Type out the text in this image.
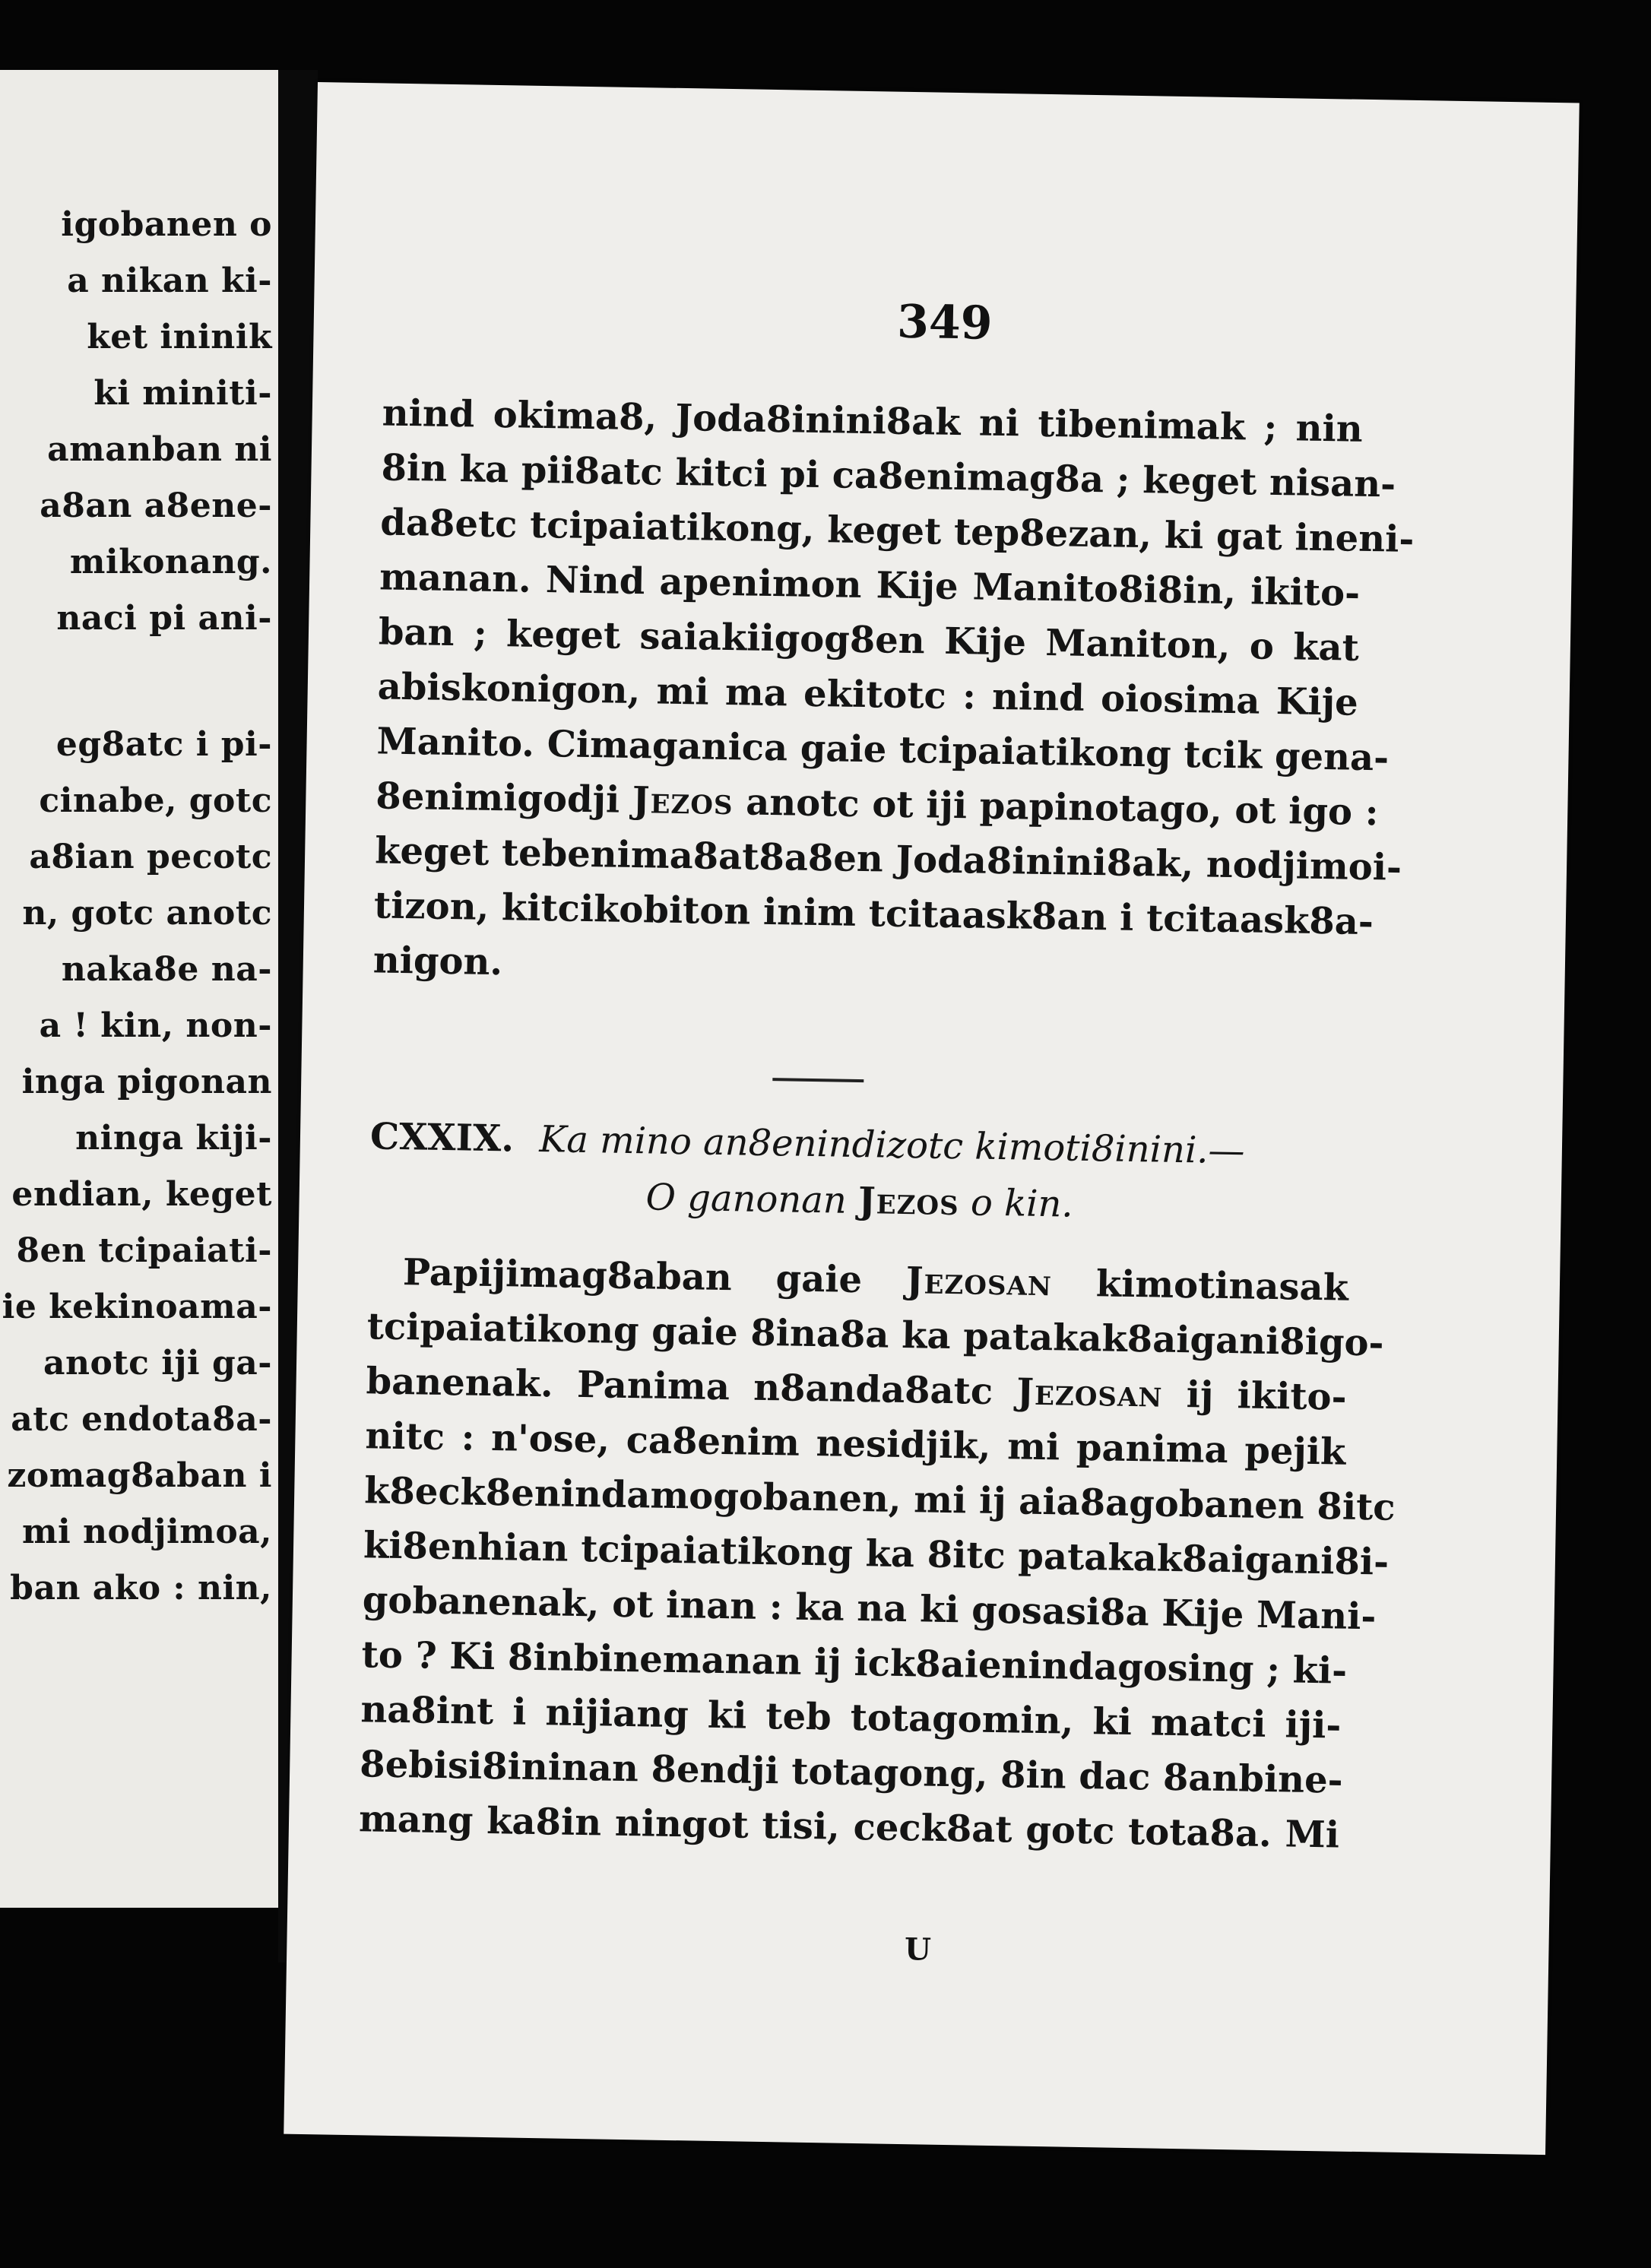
igobanen o
a nikan ki-
ket ininik
ki miniti-
amanban ni
a8an a8ene-
mikonang.
naci pi ani-
eg8atc i pi-
cinabe, gotc
a8ian pecotc
n, gotc anotc
naka8e na-
a ! kin, non-
inga pigonan
ninga kiji-
endian, keget
8en tcipaiati-
ie kekinoama-
anotc iji ga-
atc endota8a-
zomag8aban i
mi nodjimoa,
ban ako : nin,
349
nind okima8, Joda8inini8ak ni tibenimak ; nin
8in ka pii8atc kitci pi ca8enimag8a ; keget nisan-
da8etc tcipaiatikong, keget tep8ezan, ki gat ineni-
manan. Nind apenimon Kije Manito8i8in, ikito-
ban ; keget saiakiigog8en Kije Maniton, o kat
abiskonigon, mi ma ekitotc : nind oiosima Kije
Manito. Cimaganica gaie tcipaiatikong tcik gena-
8enimigodji Jezos anotc ot iji papinotago, ot igo :
keget tebenima8at8a8en Joda8inini8ak, nodjimoi-
tizon, kitcikobiton inim tcitaask8an i tcitaask8a-
nigon.
CXXIX. Ka mino an8enindizotc kimoti8inini.—
O ganonan Jezos o kin.
Papijimag8aban gaie Jezosan kimotinasak
tcipaiatikong gaie 8ina8a ka patakak8aigani8igo-
banenak. Panima n8anda8atc Jezosan ij ikito-
nitc : n'ose, ca8enim nesidjik, mi panima pejik
k8eck8enindamogobanen, mi ij aia8agobanen 8itc
ki8enhian tcipaiatikong ka 8itc patakak8aigani8i-
gobanenak, ot inan : ka na ki gosasi8a Kije Mani-
to ? Ki 8inbinemanan ij ick8aienindagosing ; ki-
na8int i nijiang ki teb totagomin, ki matci iji-
8ebisi8ininan 8endji totagong, 8in dac 8anbine-
mang ka8in ningot tisi, ceck8at gotc tota8a. Mi
U
